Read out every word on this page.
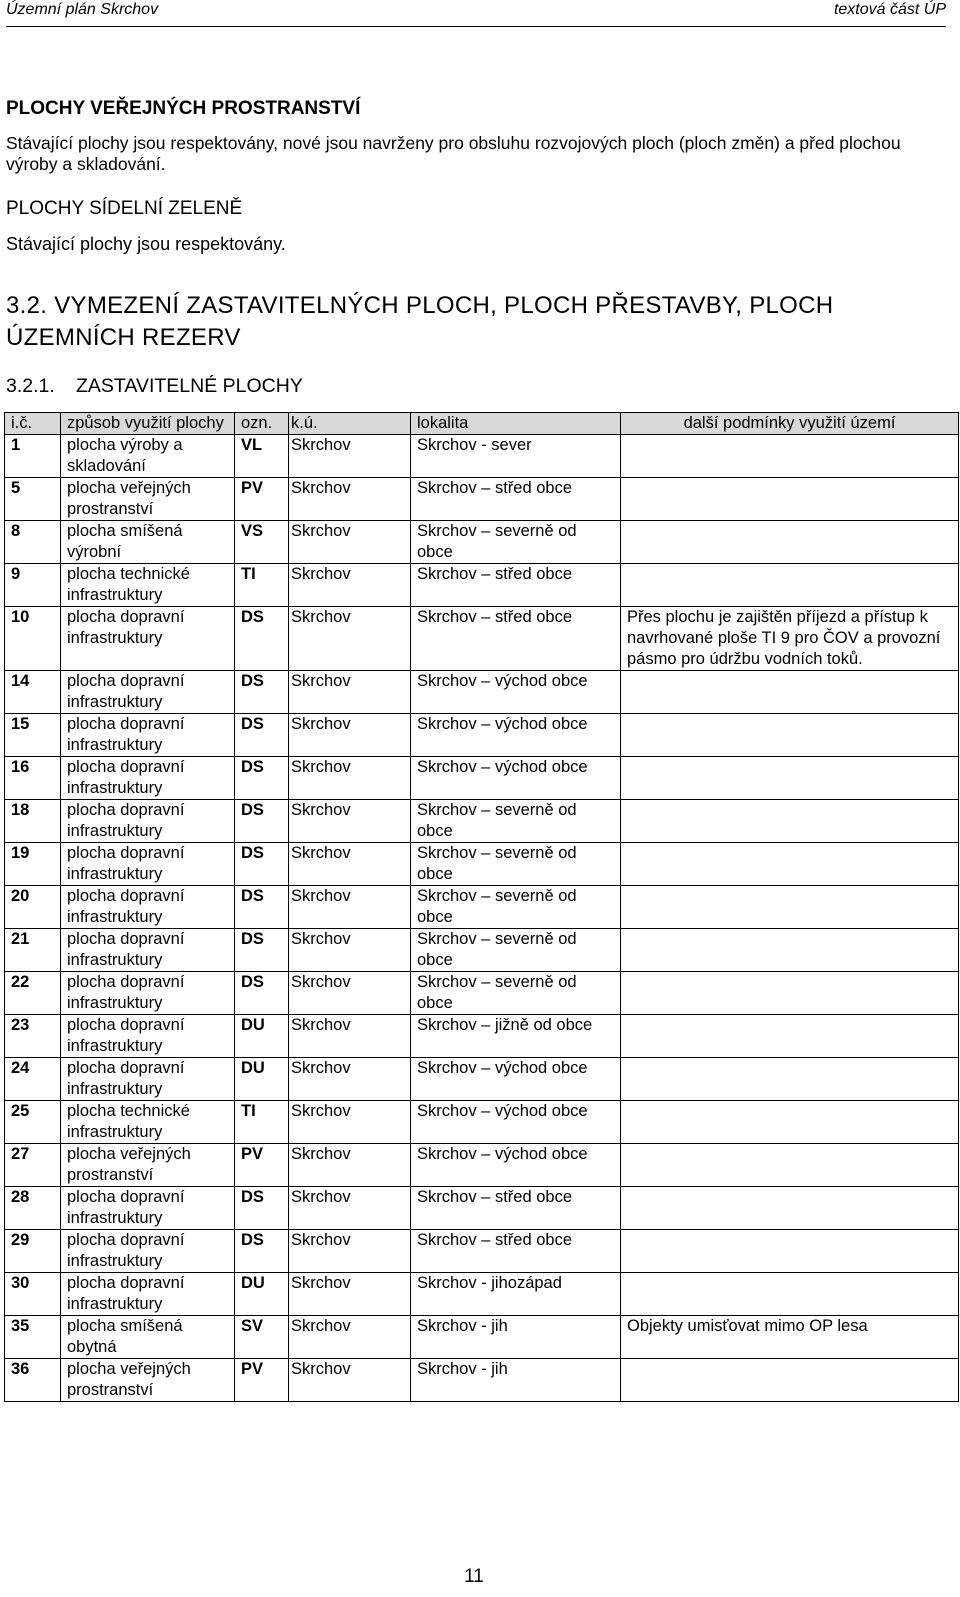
Územní plán Skrchov	textová část ÚP
PLOCHY VEŘEJNÝCH PROSTRANSTVÍ
Stávající plochy jsou respektovány, nové jsou navrženy pro obsluhu rozvojových ploch (ploch změn) a před plochou výroby a skladování.
PLOCHY SÍDELNÍ ZELENĚ
Stávající plochy jsou respektovány.
3.2. VYMEZENÍ ZASTAVITELNÝCH PLOCH, PLOCH PŘESTAVBY, PLOCH ÚZEMNÍCH REZERV
3.2.1. ZASTAVITELNÉ PLOCHY
i.č.	způsob využití plochy	ozn.	k.ú.	lokalita	další podmínky využití území
1	plocha výroby a skladování	VL	Skrchov	Skrchov - sever	
5	plocha veřejných prostranství	PV	Skrchov	Skrchov – střed obce	
8	plocha smíšená výrobní	VS	Skrchov	Skrchov – severně od obce	
9	plocha technické infrastruktury	TI	Skrchov	Skrchov – střed obce	
10	plocha dopravní infrastruktury	DS	Skrchov	Skrchov – střed obce	Přes plochu je zajištěn příjezd a přístup k navrhované ploše TI 9 pro ČOV a provozní pásmo pro údržbu vodních toků.
14	plocha dopravní infrastruktury	DS	Skrchov	Skrchov – východ obce	
15	plocha dopravní infrastruktury	DS	Skrchov	Skrchov – východ obce	
16	plocha dopravní infrastruktury	DS	Skrchov	Skrchov – východ obce	
18	plocha dopravní infrastruktury	DS	Skrchov	Skrchov – severně od obce	
19	plocha dopravní infrastruktury	DS	Skrchov	Skrchov – severně od obce	
20	plocha dopravní infrastruktury	DS	Skrchov	Skrchov – severně od obce	
21	plocha dopravní infrastruktury	DS	Skrchov	Skrchov – severně od obce	
22	plocha dopravní infrastruktury	DS	Skrchov	Skrchov – severně od obce	
23	plocha dopravní infrastruktury	DU	Skrchov	Skrchov – jižně od obce	
24	plocha dopravní infrastruktury	DU	Skrchov	Skrchov – východ obce	
25	plocha technické infrastruktury	TI	Skrchov	Skrchov – východ obce	
27	plocha veřejných prostranství	PV	Skrchov	Skrchov – východ obce	
28	plocha dopravní infrastruktury	DS	Skrchov	Skrchov – střed obce	
29	plocha dopravní infrastruktury	DS	Skrchov	Skrchov – střed obce	
30	plocha dopravní infrastruktury	DU	Skrchov	Skrchov - jihozápad	
35	plocha smíšená obytná	SV	Skrchov	Skrchov - jih	Objekty umisťovat mimo OP lesa
36	plocha veřejných prostranství	PV	Skrchov	Skrchov - jih	
11
